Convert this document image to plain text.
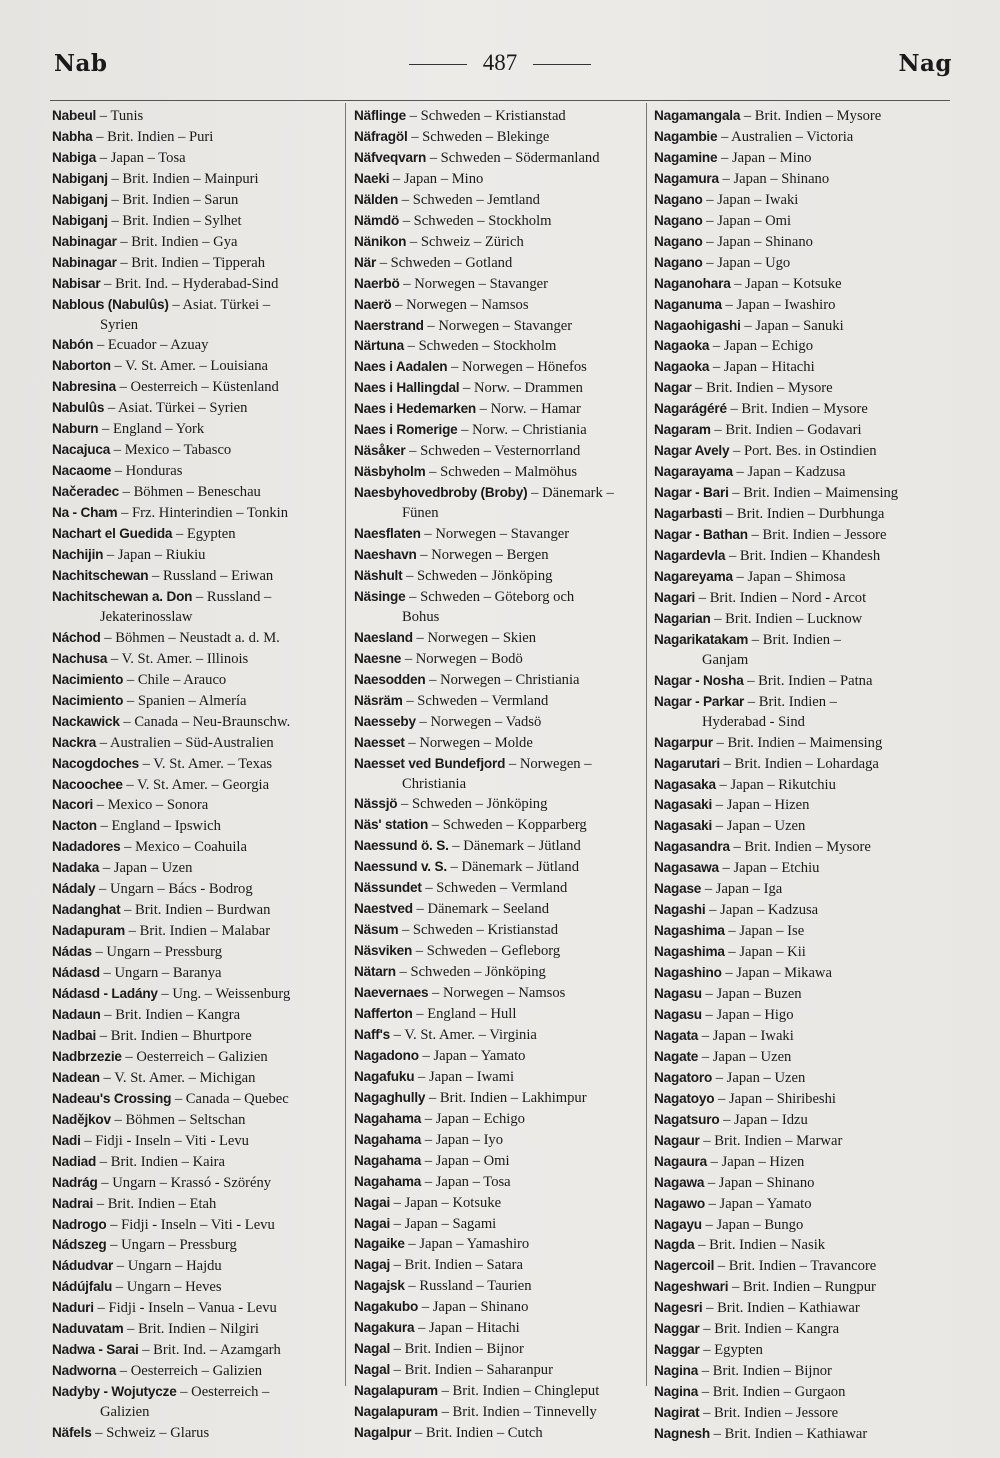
Nab	487	Nag
Nabeul – Tunis
Nabha – Brit. Indien – Puri
Nabiga – Japan – Tosa
Nabiganj – Brit. Indien – Mainpuri
Nabiganj – Brit. Indien – Sarun
Nabiganj – Brit. Indien – Sylhet
Nabinagar – Brit. Indien – Gya
Nabinagar – Brit. Indien – Tipperah
Nabisar – Brit. Ind. – Hyderabad-Sind
Nablous (Nabulûs) – Asiat. Türkei –
Syrien
Nabón – Ecuador – Azuay
Naborton – V. St. Amer. – Louisiana
Nabresina – Oesterreich – Küstenland
Nabulûs – Asiat. Türkei – Syrien
Naburn – England – York
Nacajuca – Mexico – Tabasco
Nacaome – Honduras
Načeradec – Böhmen – Beneschau
Na - Cham – Frz. Hinterindien – Tonkin
Nachart el Guedida – Egypten
Nachijin – Japan – Riukiu
Nachitschewan – Russland – Eriwan
Nachitschewan a. Don – Russland –
Jekaterinosslaw
Náchod – Böhmen – Neustadt a. d. M.
Nachusa – V. St. Amer. – Illinois
Nacimiento – Chile – Arauco
Nacimiento – Spanien – Almería
Nackawick – Canada – Neu-Braunschw.
Nackra – Australien – Süd-Australien
Nacogdoches – V. St. Amer. – Texas
Nacoochee – V. St. Amer. – Georgia
Nacori – Mexico – Sonora
Nacton – England – Ipswich
Nadadores – Mexico – Coahuila
Nadaka – Japan – Uzen
Nádaly – Ungarn – Bács - Bodrog
Nadanghat – Brit. Indien – Burdwan
Nadapuram – Brit. Indien – Malabar
Nádas – Ungarn – Pressburg
Nádasd – Ungarn – Baranya
Nádasd - Ladány – Ung. – Weissenburg
Nadaun – Brit. Indien – Kangra
Nadbai – Brit. Indien – Bhurtpore
Nadbrzezie – Oesterreich – Galizien
Nadean – V. St. Amer. – Michigan
Nadeau's Crossing – Canada – Quebec
Nadějkov – Böhmen – Seltschan
Nadi – Fidji - Inseln – Viti - Levu
Nadiad – Brit. Indien – Kaira
Nadrág – Ungarn – Krassó - Szörény
Nadrai – Brit. Indien – Etah
Nadrogo – Fidji - Inseln – Viti - Levu
Nádszeg – Ungarn – Pressburg
Nádudvar – Ungarn – Hajdu
Nádújfalu – Ungarn – Heves
Naduri – Fidji - Inseln – Vanua - Levu
Naduvatam – Brit. Indien – Nilgiri
Nadwa - Sarai – Brit. Ind. – Azamgarh
Nadworna – Oesterreich – Galizien
Nadyby - Wojutycze – Oesterreich –
Galizien
Näfels – Schweiz – Glarus
Näflinge – Schweden – Kristianstad
Näfragöl – Schweden – Blekinge
Näfveqvarn – Schweden – Södermanland
Naeki – Japan – Mino
Nälden – Schweden – Jemtland
Nämdö – Schweden – Stockholm
Nänikon – Schweiz – Zürich
När – Schweden – Gotland
Naerbö – Norwegen – Stavanger
Naerö – Norwegen – Namsos
Naerstrand – Norwegen – Stavanger
Närtuna – Schweden – Stockholm
Naes i Aadalen – Norwegen – Hönefos
Naes i Hallingdal – Norw. – Drammen
Naes i Hedemarken – Norw. – Hamar
Naes i Romerige – Norw. – Christiania
Näsåker – Schweden – Vesternorrland
Näsbyholm – Schweden – Malmöhus
Naesbyhovedbroby (Broby) – Dänemark –
Fünen
Naesflaten – Norwegen – Stavanger
Naeshavn – Norwegen – Bergen
Näshult – Schweden – Jönköping
Näsinge – Schweden – Göteborg och
Bohus
Naesland – Norwegen – Skien
Naesne – Norwegen – Bodö
Naesodden – Norwegen – Christiania
Näsräm – Schweden – Vermland
Naesseby – Norwegen – Vadsö
Naesset – Norwegen – Molde
Naesset ved Bundefjord – Norwegen –
Christiania
Nässjö – Schweden – Jönköping
Näs' station – Schweden – Kopparberg
Naessund ö. S. – Dänemark – Jütland
Naessund v. S. – Dänemark – Jütland
Nässundet – Schweden – Vermland
Naestved – Dänemark – Seeland
Näsum – Schweden – Kristianstad
Näsviken – Schweden – Gefleborg
Nätarn – Schweden – Jönköping
Naevernaes – Norwegen – Namsos
Nafferton – England – Hull
Naff's – V. St. Amer. – Virginia
Nagadono – Japan – Yamato
Nagafuku – Japan – Iwami
Nagaghully – Brit. Indien – Lakhimpur
Nagahama – Japan – Echigo
Nagahama – Japan – Iyo
Nagahama – Japan – Omi
Nagahama – Japan – Tosa
Nagai – Japan – Kotsuke
Nagai – Japan – Sagami
Nagaike – Japan – Yamashiro
Nagaj – Brit. Indien – Satara
Nagajsk – Russland – Taurien
Nagakubo – Japan – Shinano
Nagakura – Japan – Hitachi
Nagal – Brit. Indien – Bijnor
Nagal – Brit. Indien – Saharanpur
Nagalapuram – Brit. Indien – Chingleput
Nagalapuram – Brit. Indien – Tinnevelly
Nagalpur – Brit. Indien – Cutch
Nagamangala – Brit. Indien – Mysore
Nagambie – Australien – Victoria
Nagamine – Japan – Mino
Nagamura – Japan – Shinano
Nagano – Japan – Iwaki
Nagano – Japan – Omi
Nagano – Japan – Shinano
Nagano – Japan – Ugo
Naganohara – Japan – Kotsuke
Naganuma – Japan – Iwashiro
Nagaohigashi – Japan – Sanuki
Nagaoka – Japan – Echigo
Nagaoka – Japan – Hitachi
Nagar – Brit. Indien – Mysore
Nagarágéré – Brit. Indien – Mysore
Nagaram – Brit. Indien – Godavari
Nagar Avely – Port. Bes. in Ostindien
Nagarayama – Japan – Kadzusa
Nagar - Bari – Brit. Indien – Maimensing
Nagarbasti – Brit. Indien – Durbhunga
Nagar - Bathan – Brit. Indien – Jessore
Nagardevla – Brit. Indien – Khandesh
Nagareyama – Japan – Shimosa
Nagari – Brit. Indien – Nord - Arcot
Nagarian – Brit. Indien – Lucknow
Nagarikatakam – Brit. Indien –
Ganjam
Nagar - Nosha – Brit. Indien – Patna
Nagar - Parkar – Brit. Indien –
Hyderabad - Sind
Nagarpur – Brit. Indien – Maimensing
Nagarutari – Brit. Indien – Lohardaga
Nagasaka – Japan – Rikutchiu
Nagasaki – Japan – Hizen
Nagasaki – Japan – Uzen
Nagasandra – Brit. Indien – Mysore
Nagasawa – Japan – Etchiu
Nagase – Japan – Iga
Nagashi – Japan – Kadzusa
Nagashima – Japan – Ise
Nagashima – Japan – Kii
Nagashino – Japan – Mikawa
Nagasu – Japan – Buzen
Nagasu – Japan – Higo
Nagata – Japan – Iwaki
Nagate – Japan – Uzen
Nagatoro – Japan – Uzen
Nagatoyo – Japan – Shiribeshi
Nagatsuro – Japan – Idzu
Nagaur – Brit. Indien – Marwar
Nagaura – Japan – Hizen
Nagawa – Japan – Shinano
Nagawo – Japan – Yamato
Nagayu – Japan – Bungo
Nagda – Brit. Indien – Nasik
Nagercoil – Brit. Indien – Travancore
Nageshwari – Brit. Indien – Rungpur
Nagesri – Brit. Indien – Kathiawar
Naggar – Brit. Indien – Kangra
Naggar – Egypten
Nagina – Brit. Indien – Bijnor
Nagina – Brit. Indien – Gurgaon
Nagirat – Brit. Indien – Jessore
Nagnesh – Brit. Indien – Kathiawar
